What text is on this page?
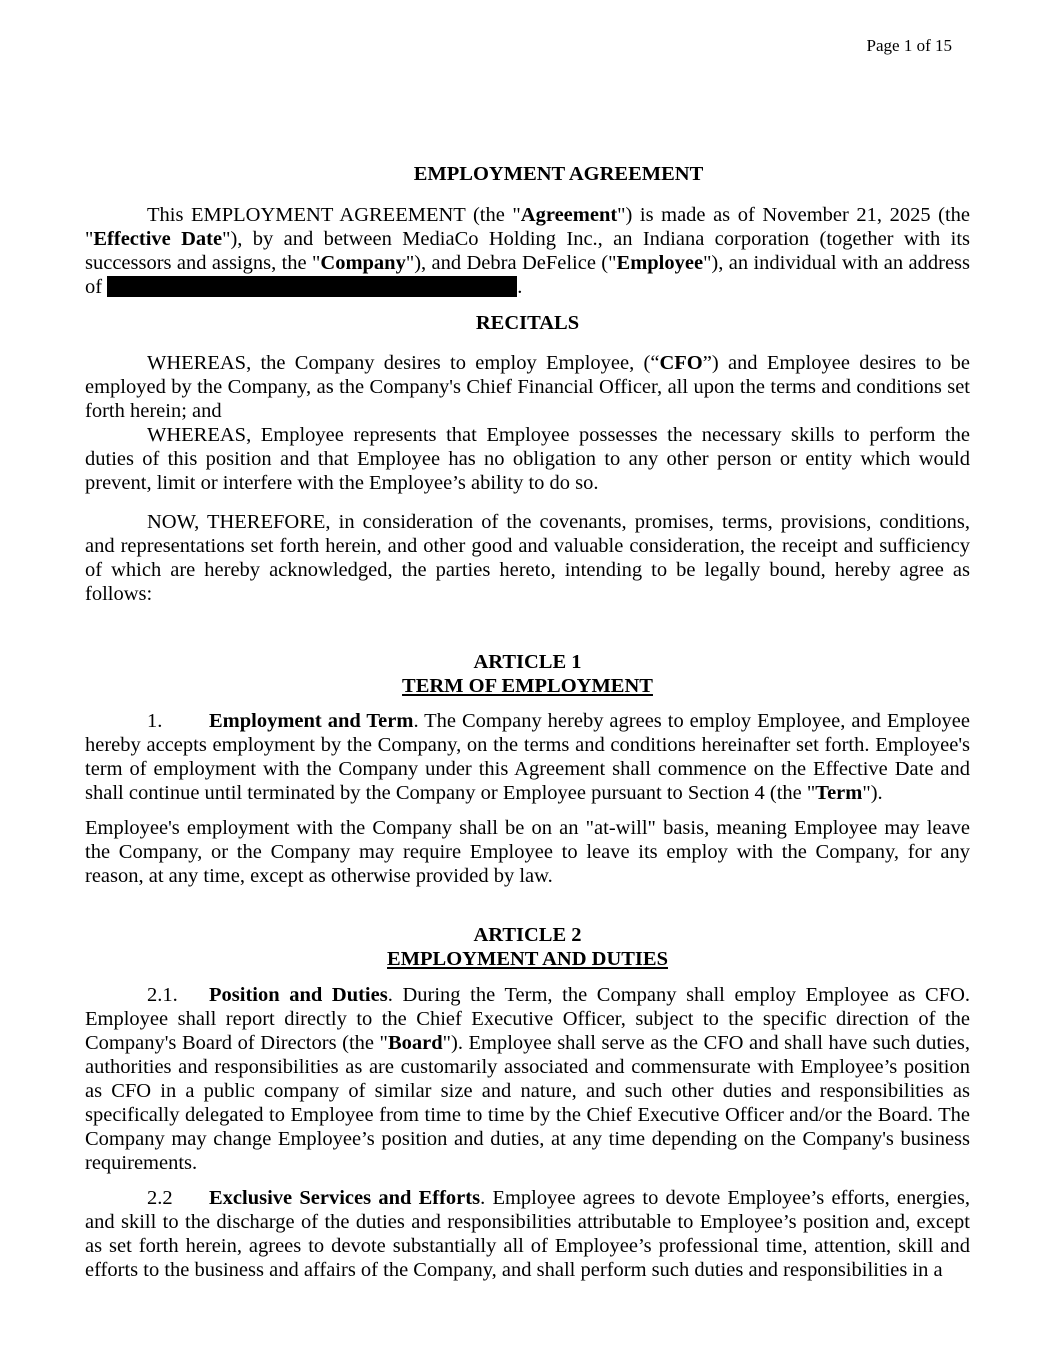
Page 1 of 15
EMPLOYMENT AGREEMENT

This EMPLOYMENT AGREEMENT (the "Agreement") is made as of November 21, 2025 (the "Effective Date"), by and between MediaCo Holding Inc., an Indiana corporation (together with its successors and assigns, the "Company"), and Debra DeFelice ("Employee"), an individual with an address of	.

RECITALS

WHEREAS, the Company desires to employ Employee, (“CFO”) and Employee desires to be employed by the Company, as the Company's Chief Financial Officer, all upon the terms and conditions set forth herein; and

WHEREAS, Employee represents that Employee possesses the necessary skills to perform the duties of this position and that Employee has no obligation to any other person or entity which would prevent, limit or interfere with the Employee’s ability to do so.

NOW, THEREFORE, in consideration of the covenants, promises, terms, provisions, conditions, and representations set forth herein, and other good and valuable consideration, the receipt and sufficiency of which are hereby acknowledged, the parties hereto, intending to be legally bound, hereby agree as follows:

ARTICLE 1
TERM OF EMPLOYMENT

1. Employment and Term. The Company hereby agrees to employ Employee, and Employee hereby accepts employment by the Company, on the terms and conditions hereinafter set forth. Employee's term of employment with the Company under this Agreement shall commence on the Effective Date and shall continue until terminated by the Company or Employee pursuant to Section 4 (the "Term").

Employee's employment with the Company shall be on an "at-will" basis, meaning Employee may leave the Company, or the Company may require Employee to leave its employ with the Company, for any reason, at any time, except as otherwise provided by law.

ARTICLE 2
EMPLOYMENT AND DUTIES

2.1. Position and Duties. During the Term, the Company shall employ Employee as CFO. Employee shall report directly to the Chief Executive Officer, subject to the specific direction of the Company's Board of Directors (the "Board"). Employee shall serve as the CFO and shall have such duties, authorities and responsibilities as are customarily associated and commensurate with Employee’s position as CFO in a public company of similar size and nature, and such other duties and responsibilities as specifically delegated to Employee from time to time by the Chief Executive Officer and/or the Board. The Company may change Employee’s position and duties, at any time depending on the Company's business requirements.

2.2 Exclusive Services and Efforts. Employee agrees to devote Employee’s efforts, energies, and skill to the discharge of the duties and responsibilities attributable to Employee’s position and, except as set forth herein, agrees to devote substantially all of Employee’s professional time, attention, skill and efforts to the business and affairs of the Company, and shall perform such duties and responsibilities in a
